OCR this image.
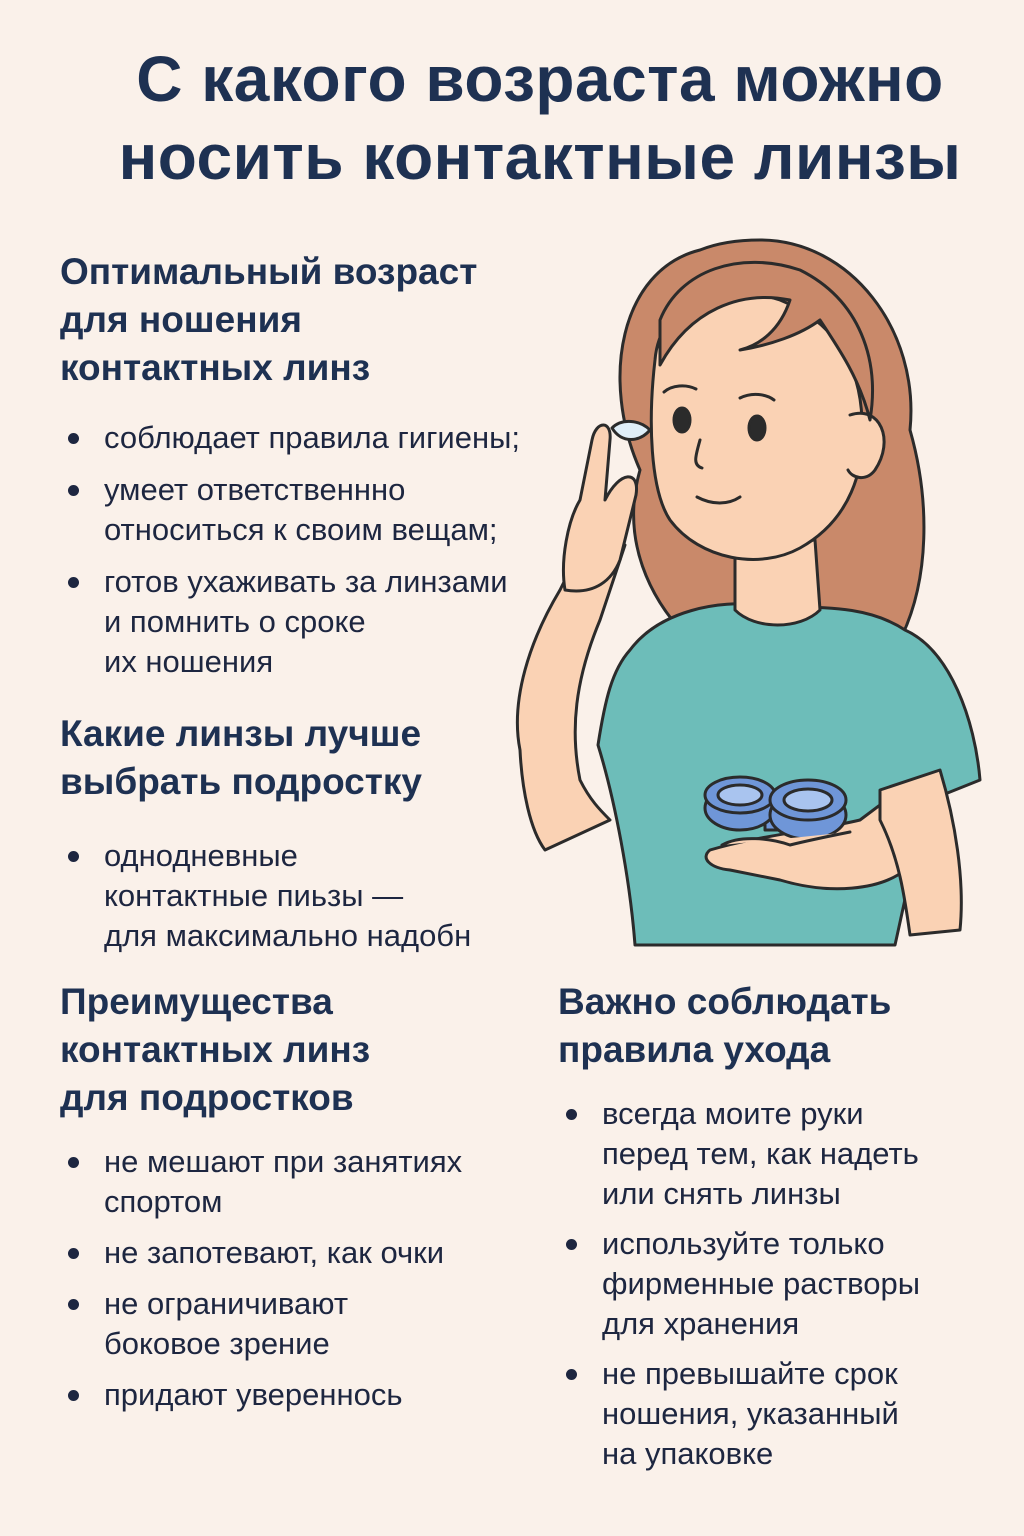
С какого возраста можно
носить контактные линзы
Оптимальный возраст
для ношения
контактных линз
соблюдает правила гигиены;
умеет ответственнно
относиться к своим вещам;
готов ухаживать за линзами
и помнить о сроке
их ношения
Какие линзы лучше
выбрать подростку
однодневные
контактные пиьзы —
для максимально надобн
Преимущества
контактных линз
для подростков
не мешают при занятиях
спортом
не запотевают, как очки
не ограничивают
боковое зрение
придают увереннось
Важно соблюдать
правила ухода
всегда моите руки
перед тем, как надеть
или снять линзы
используйте только
фирменные растворы
для хранения
не превышайте срок
ношения, указанный
на упаковке
